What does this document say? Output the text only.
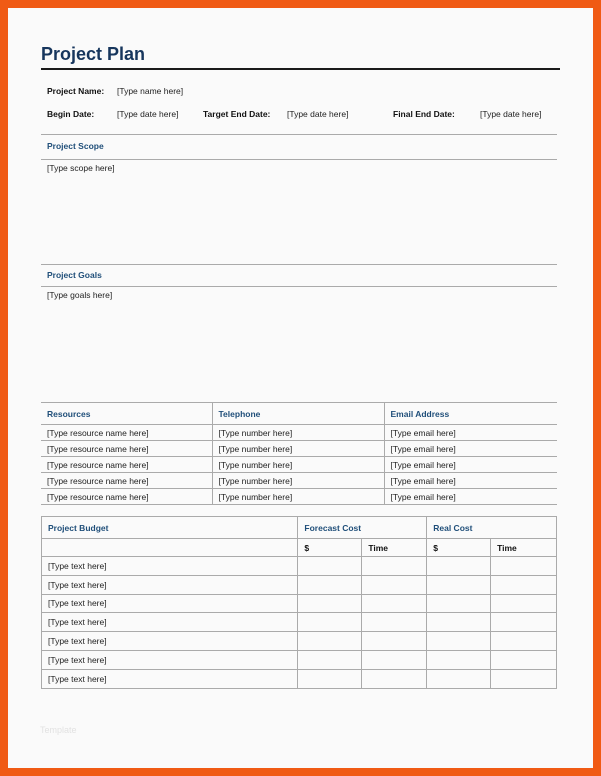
Project Plan
Project Name: [Type name here]
Begin Date:	[Type date here]	Target End Date: [Type date here]	Final End Date:	[Type date here]
Project Scope
[Type scope here]
Project Goals
[Type goals here]
Resources	Telephone	Email Address
[Type resource name here]	[Type number here]	[Type email here]
[Type resource name here]	[Type number here]	[Type email here]
[Type resource name here]	[Type number here]	[Type email here]
[Type resource name here]	[Type number here]	[Type email here]
[Type resource name here]	[Type number here]	[Type email here]
Project Budget	Forecast Cost		Real Cost	
	$	Time	$	Time
[Type text here]				
[Type text here]				
[Type text here]				
[Type text here]				
[Type text here]				
[Type text here]				
[Type text here]				
Template
